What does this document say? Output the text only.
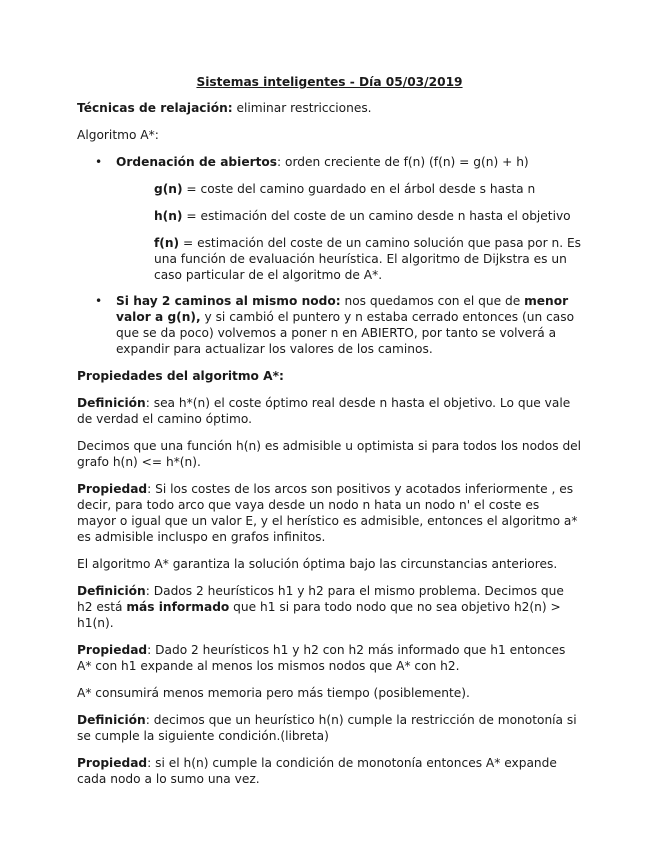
Sistemas inteligentes - Día 05/03/2019

Técnicas de relajación: eliminar restricciones.

Algoritmo A*:

• Ordenación de abiertos: orden creciente de f(n) (f(n) = g(n) + h)

g(n) = coste del camino guardado en el árbol desde s hasta n

h(n) = estimación del coste de un camino desde n hasta el objetivo

f(n) = estimación del coste de un camino solución que pasa por n. Es una función de evaluación heurística. El algoritmo de Dijkstra es un caso particular de el algoritmo de A*.

• Si hay 2 caminos al mismo nodo: nos quedamos con el que de menor valor a g(n), y si cambió el puntero y n estaba cerrado entonces (un caso que se da poco) volvemos a poner n en ABIERTO, por tanto se volverá a expandir para actualizar los valores de los caminos.

Propiedades del algoritmo A*:

Definición: sea h*(n) el coste óptimo real desde n hasta el objetivo. Lo que vale de verdad el camino óptimo.

Decimos que una función h(n) es admisible u optimista si para todos los nodos del grafo h(n) <= h*(n).

Propiedad: Si los costes de los arcos son positivos y acotados inferiormente , es decir, para todo arco que vaya desde un nodo n hata un nodo n' el coste es mayor o igual que un valor E, y el herístico es admisible, entonces el algoritmo a* es admisible incluspo en grafos infinitos.

El algoritmo A* garantiza la solución óptima bajo las circunstancias anteriores.

Definición: Dados 2 heurísticos h1 y h2 para el mismo problema. Decimos que h2 está más informado que h1 si para todo nodo que no sea objetivo h2(n) > h1(n).

Propiedad: Dado 2 heurísticos h1 y h2 con h2 más informado que h1 entonces A* con h1 expande al menos los mismos nodos que A* con h2.

A* consumirá menos memoria pero más tiempo (posiblemente).

Definición: decimos que un heurístico h(n) cumple la restricción de monotonía si se cumple la siguiente condición.(libreta)

Propiedad: si el h(n) cumple la condición de monotonía entonces A* expande cada nodo a lo sumo una vez.
